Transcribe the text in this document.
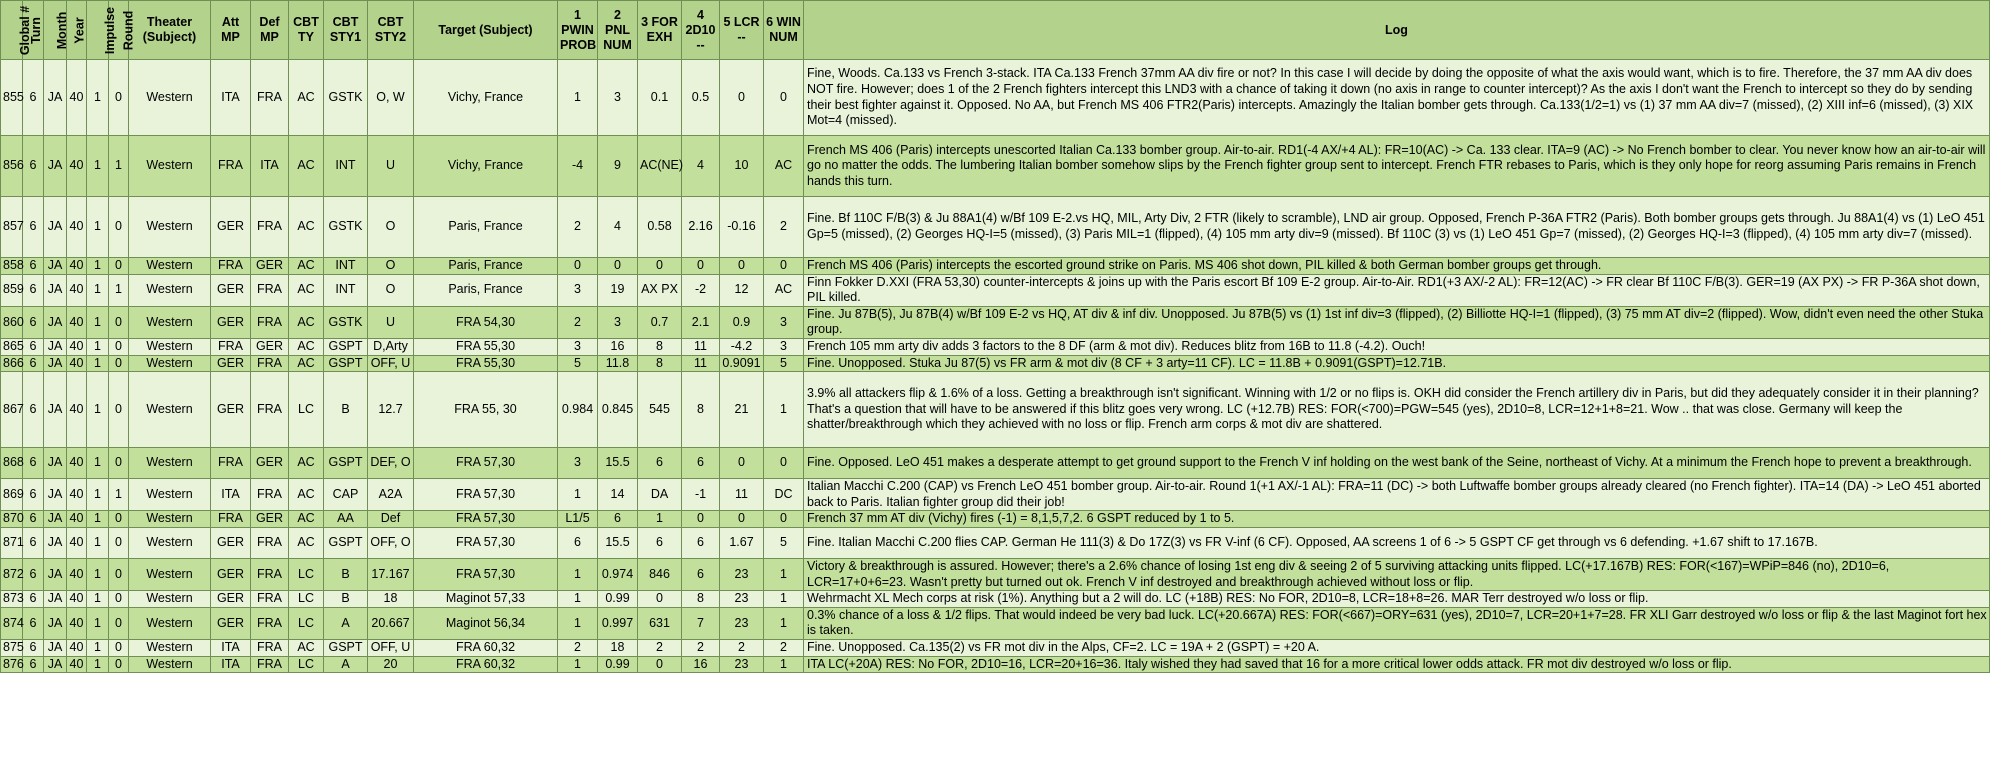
Global #	Turn	Month	Year	Impulse	Round	Theater (Subject)	Att MP	Def MP	CBT TY	CBT STY1	CBT STY2	Target (Subject)	1 PWIN PROB	2 PNL NUM	3 FOR EXH	4 2D10 --	5 LCR --	6 WIN NUM	Log
855	6	JA	40	1	0	Western	ITA	FRA	AC	GSTK	O, W	Vichy, France	1	3	0.1	0.5	0	0	Fine, Woods. Ca.133 vs French 3-stack. ITA Ca.133 French 37mm AA div fire or not? In this case I will decide by doing the opposite of what the axis would want, which is to fire. Therefore, the 37 mm AA div does NOT fire. However; does 1 of the 2 French fighters intercept this LND3 with a chance of taking it down (no axis in range to counter intercept)? As the axis I don't want the French to intercept so they do by sending their best fighter against it. Opposed. No AA, but French MS 406 FTR2(Paris) intercepts. Amazingly the Italian bomber gets through. Ca.133(1/2=1) vs (1) 37 mm AA div=7 (missed), (2) XIII inf=6 (missed), (3) XIX Mot=4 (missed).
856	6	JA	40	1	1	Western	FRA	ITA	AC	INT	U	Vichy, France	-4	9	AC(NE)	4	10	AC	French MS 406 (Paris) intercepts unescorted Italian Ca.133 bomber group. Air-to-air. RD1(-4 AX/+4 AL): FR=10(AC) -> Ca. 133 clear. ITA=9 (AC) -> No French bomber to clear. You never know how an air-to-air will go no matter the odds. The lumbering Italian bomber somehow slips by the French fighter group sent to intercept. French FTR rebases to Paris, which is they only hope for reorg assuming Paris remains in French hands this turn.
857	6	JA	40	1	0	Western	GER	FRA	AC	GSTK	O	Paris, France	2	4	0.58	2.16	-0.16	2	Fine. Bf 110C F/B(3) & Ju 88A1(4) w/Bf 109 E-2.vs HQ, MIL, Arty Div, 2 FTR (likely to scramble), LND air group. Opposed, French P-36A FTR2 (Paris). Both bomber groups gets through. Ju 88A1(4) vs (1) LeO 451 Gp=5 (missed), (2) Georges HQ-I=5 (missed), (3) Paris MIL=1 (flipped), (4) 105 mm arty div=9 (missed). Bf 110C (3) vs (1) LeO 451 Gp=7 (missed), (2) Georges HQ-I=3 (flipped), (4) 105 mm arty div=7 (missed).
858	6	JA	40	1	0	Western	FRA	GER	AC	INT	O	Paris, France	0	0	0	0	0	0	French MS 406 (Paris) intercepts the escorted ground strike on Paris. MS 406 shot down, PIL killed & both German bomber groups get through.
859	6	JA	40	1	1	Western	GER	FRA	AC	INT	O	Paris, France	3	19	AX PX	-2	12	AC	Finn Fokker D.XXI (FRA 53,30) counter-intercepts & joins up with the Paris escort Bf 109 E-2 group. Air-to-Air. RD1(+3 AX/-2 AL): FR=12(AC) -> FR clear Bf 110C F/B(3). GER=19 (AX PX) -> FR P-36A shot down, PIL killed.
860	6	JA	40	1	0	Western	GER	FRA	AC	GSTK	U	FRA 54,30	2	3	0.7	2.1	0.9	3	Fine. Ju 87B(5), Ju 87B(4) w/Bf 109 E-2 vs HQ, AT div & inf div. Unopposed. Ju 87B(5) vs (1) 1st inf div=3 (flipped), (2) Billiotte HQ-I=1 (flipped), (3) 75 mm AT div=2 (flipped). Wow, didn't even need the other Stuka group.
865	6	JA	40	1	0	Western	FRA	GER	AC	GSPT	D,Arty	FRA 55,30	3	16	8	11	-4.2	3	French 105 mm arty div adds 3 factors to the 8 DF (arm & mot div). Reduces blitz from 16B to 11.8 (-4.2). Ouch!
866	6	JA	40	1	0	Western	GER	FRA	AC	GSPT	OFF, U	FRA 55,30	5	11.8	8	11	0.9091	5	Fine. Unopposed. Stuka Ju 87(5) vs FR arm & mot div (8 CF + 3 arty=11 CF). LC = 11.8B + 0.9091(GSPT)=12.71B.
867	6	JA	40	1	0	Western	GER	FRA	LC	B	12.7	FRA 55, 30	0.984	0.845	545	8	21	1	3.9% all attackers flip & 1.6% of a loss. Getting a breakthrough isn't significant. Winning with 1/2 or no flips is. OKH did consider the French artillery div in Paris, but did they adequately consider it in their planning? That's a question that will have to be answered if this blitz goes very wrong. LC (+12.7B) RES: FOR(<700)=PGW=545 (yes), 2D10=8, LCR=12+1+8=21. Wow .. that was close. Germany will keep the shatter/breakthrough which they achieved with no loss or flip. French arm corps & mot div are shattered.
868	6	JA	40	1	0	Western	FRA	GER	AC	GSPT	DEF, O	FRA 57,30	3	15.5	6	6	0	0	Fine. Opposed. LeO 451 makes a desperate attempt to get ground support to the French V inf holding on the west bank of the Seine, northeast of Vichy. At a minimum the French hope to prevent a breakthrough.
869	6	JA	40	1	1	Western	ITA	FRA	AC	CAP	A2A	FRA 57,30	1	14	DA	-1	11	DC	Italian Macchi C.200 (CAP) vs French LeO 451 bomber group. Air-to-air. Round 1(+1 AX/-1 AL): FRA=11 (DC) -> both Luftwaffe bomber groups already cleared (no French fighter). ITA=14 (DA) -> LeO 451 aborted back to Paris. Italian fighter group did their job!
870	6	JA	40	1	0	Western	FRA	GER	AC	AA	Def	FRA 57,30	L1/5	6	1	0	0	0	French 37 mm AT div (Vichy) fires (-1) = 8,1,5,7,2. 6 GSPT reduced by 1 to 5.
871	6	JA	40	1	0	Western	GER	FRA	AC	GSPT	OFF, O	FRA 57,30	6	15.5	6	6	1.67	5	Fine. Italian Macchi C.200 flies CAP. German He 111(3) & Do 17Z(3) vs FR V-inf (6 CF). Opposed, AA screens 1 of 6 -> 5 GSPT CF get through vs 6 defending. +1.67 shift to 17.167B.
872	6	JA	40	1	0	Western	GER	FRA	LC	B	17.167	FRA 57,30	1	0.974	846	6	23	1	Victory & breakthrough is assured. However; there's a 2.6% chance of losing 1st eng div & seeing 2 of 5 surviving attacking units flipped. LC(+17.167B) RES: FOR(<167)=WPiP=846 (no), 2D10=6, LCR=17+0+6=23. Wasn't pretty but turned out ok. French V inf destroyed and breakthrough achieved without loss or flip.
873	6	JA	40	1	0	Western	GER	FRA	LC	B	18	Maginot 57,33	1	0.99	0	8	23	1	Wehrmacht XL Mech corps at risk (1%). Anything but a 2 will do. LC (+18B) RES: No FOR, 2D10=8, LCR=18+8=26. MAR Terr destroyed w/o loss or flip.
874	6	JA	40	1	0	Western	GER	FRA	LC	A	20.667	Maginot 56,34	1	0.997	631	7	23	1	0.3% chance of a loss & 1/2 flips. That would indeed be very bad luck. LC(+20.667A) RES: FOR(<667)=ORY=631 (yes), 2D10=7, LCR=20+1+7=28. FR XLI Garr destroyed w/o loss or flip & the last Maginot fort hex is taken.
875	6	JA	40	1	0	Western	ITA	FRA	AC	GSPT	OFF, U	FRA 60,32	2	18	2	2	2	2	Fine. Unopposed. Ca.135(2) vs FR mot div in the Alps, CF=2. LC = 19A + 2 (GSPT) = +20 A.
876	6	JA	40	1	0	Western	ITA	FRA	LC	A	20	FRA 60,32	1	0.99	0	16	23	1	ITA LC(+20A) RES: No FOR, 2D10=16, LCR=20+16=36. Italy wished they had saved that 16 for a more critical lower odds attack. FR mot div destroyed w/o loss or flip.
